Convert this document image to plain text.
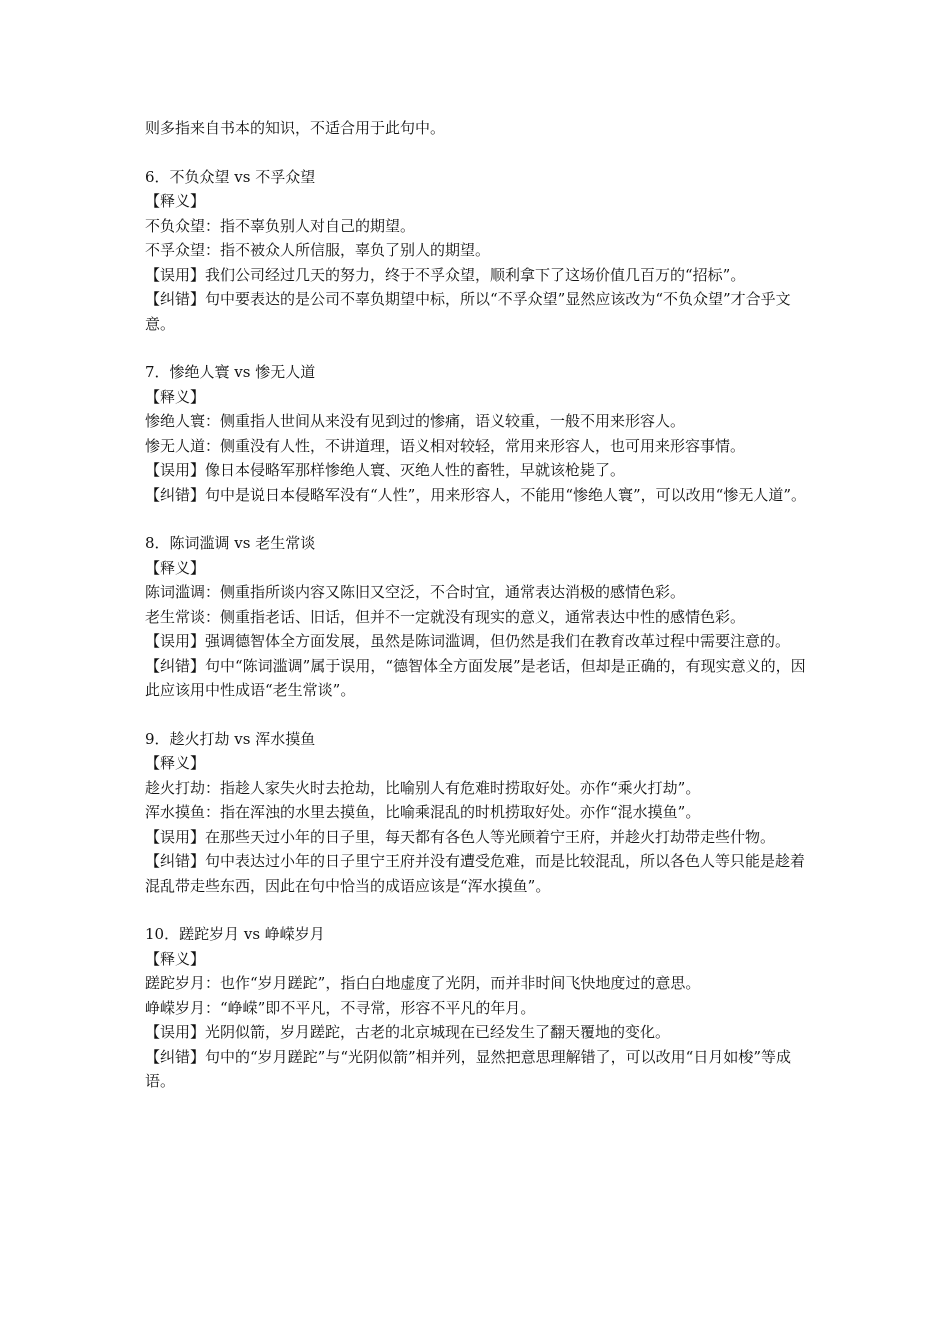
则多指来自书本的知识，不适合用于此句中。

6．不负众望 vs 不孚众望

【释义】

不负众望：指不辜负别人对自己的期望。

不孚众望：指不被众人所信服，辜负了别人的期望。

【误用】我们公司经过几天的努力，终于不孚众望，顺利拿下了这场价值几百万的“招标”。

【纠错】句中要表达的是公司不辜负期望中标，所以“不孚众望”显然应该改为“不负众望”才合乎文意。

7．惨绝人寰 vs 惨无人道

【释义】

惨绝人寰：侧重指人世间从来没有见到过的惨痛，语义较重，一般不用来形容人。

惨无人道：侧重没有人性，不讲道理，语义相对较轻，常用来形容人，也可用来形容事情。

【误用】像日本侵略军那样惨绝人寰、灭绝人性的畜牲，早就该枪毙了。

【纠错】句中是说日本侵略军没有“人性”，用来形容人，不能用“惨绝人寰”，可以改用“惨无人道”。

8．陈词滥调 vs 老生常谈

【释义】

陈词滥调：侧重指所谈内容又陈旧又空泛，不合时宜，通常表达消极的感情色彩。

老生常谈：侧重指老话、旧话，但并不一定就没有现实的意义，通常表达中性的感情色彩。

【误用】强调德智体全方面发展，虽然是陈词滥调，但仍然是我们在教育改革过程中需要注意的。

【纠错】句中“陈词滥调”属于误用，“德智体全方面发展”是老话，但却是正确的，有现实意义的，因此应该用中性成语“老生常谈”。

9．趁火打劫 vs 浑水摸鱼

【释义】

趁火打劫：指趁人家失火时去抢劫，比喻别人有危难时捞取好处。亦作“乘火打劫”。

浑水摸鱼：指在浑浊的水里去摸鱼，比喻乘混乱的时机捞取好处。亦作“混水摸鱼”。

【误用】在那些天过小年的日子里，每天都有各色人等光顾着宁王府，并趁火打劫带走些什物。

【纠错】句中表达过小年的日子里宁王府并没有遭受危难，而是比较混乱，所以各色人等只能是趁着混乱带走些东西，因此在句中恰当的成语应该是“浑水摸鱼”。

10．蹉跎岁月 vs 峥嵘岁月

【释义】

蹉跎岁月：也作“岁月蹉跎”，指白白地虚度了光阴，而并非时间飞快地度过的意思。

峥嵘岁月：“峥嵘”即不平凡，不寻常，形容不平凡的年月。

【误用】光阴似箭，岁月蹉跎，古老的北京城现在已经发生了翻天覆地的变化。

【纠错】句中的“岁月蹉跎”与“光阴似箭”相并列，显然把意思理解错了，可以改用“日月如梭”等成语。
